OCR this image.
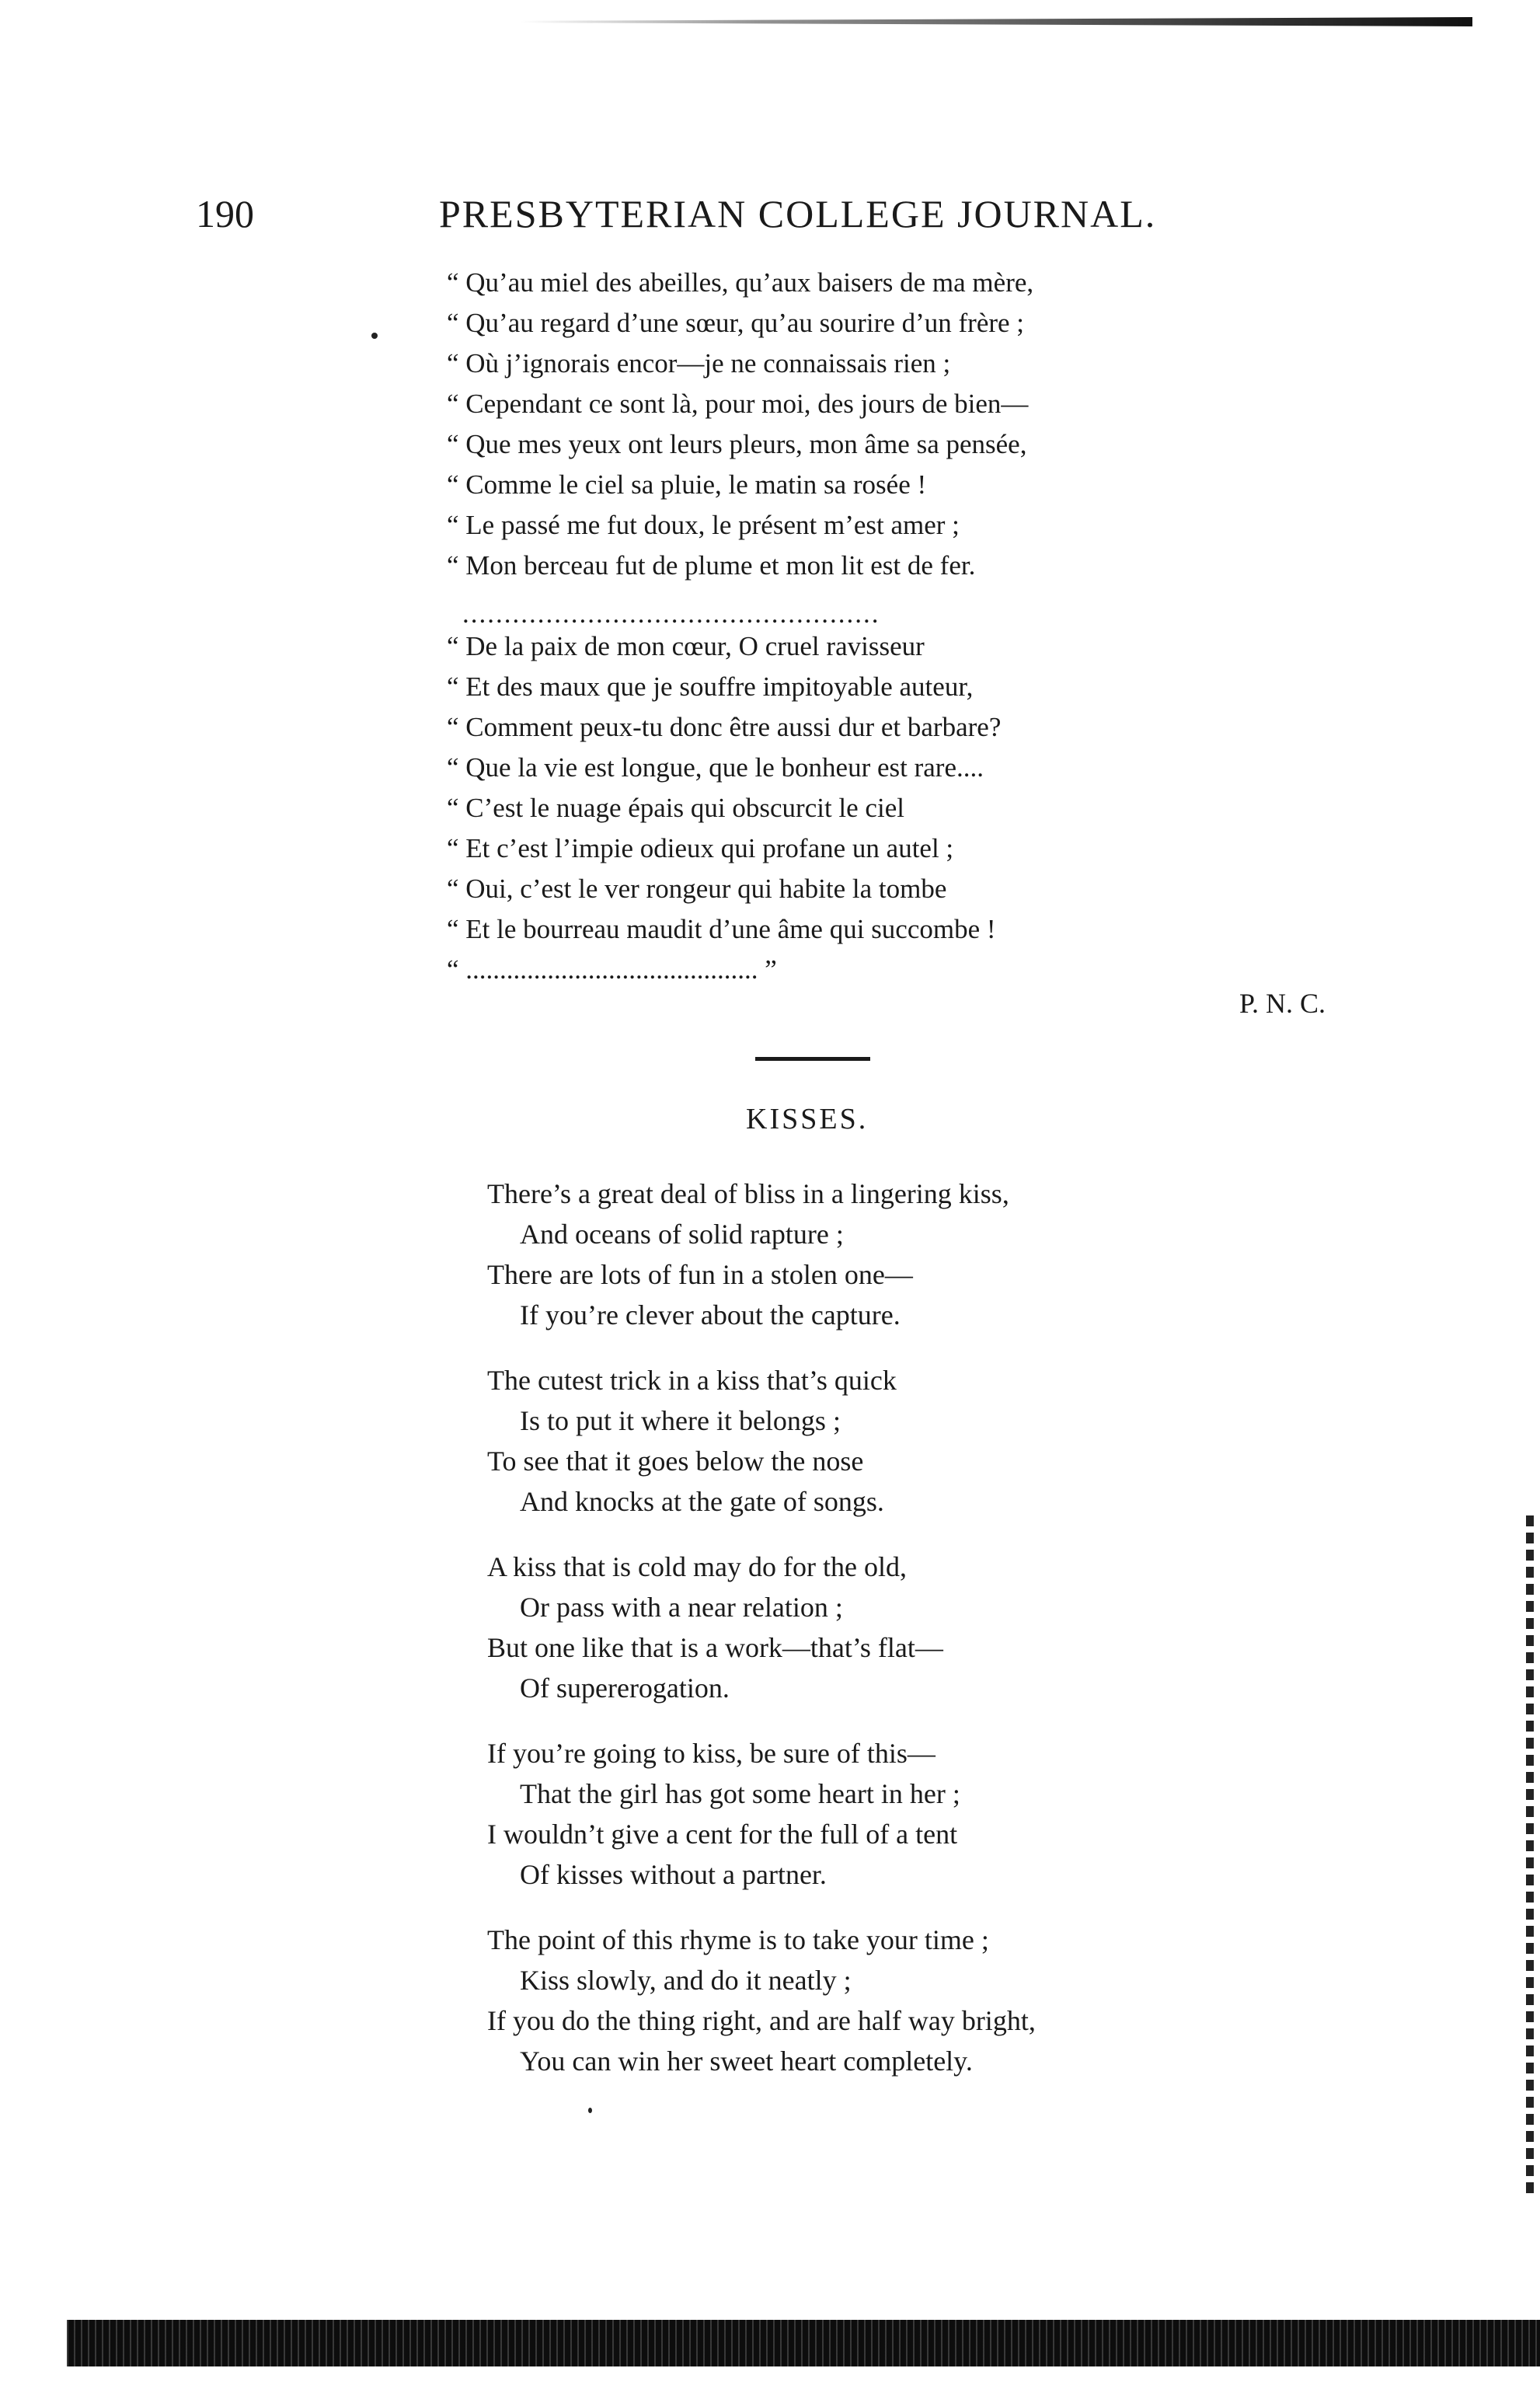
190	PRESBYTERIAN COLLEGE JOURNAL.
“ Qu’au miel des abeilles, qu’aux baisers de ma mère,
“ Qu’au regard d’une sœur, qu’au sourire d’un frère ;
“ Où j’ignorais encor—je ne connaissais rien ;
“ Cependant ce sont là, pour moi, des jours de bien—
“ Que mes yeux ont leurs pleurs, mon âme sa pensée,
“ Comme le ciel sa pluie, le matin sa rosée !
“ Le passé me fut doux, le présent m’est amer ;
“ Mon berceau fut de plume et mon lit est de fer.
..................................................
“ De la paix de mon cœur, O cruel ravisseur
“ Et des maux que je souffre impitoyable auteur,
“ Comment peux-tu donc être aussi dur et barbare?
“ Que la vie est longue, que le bonheur est rare....
“ C’est le nuage épais qui obscurcit le ciel
“ Et c’est l’impie odieux qui profane un autel ;
“ Oui, c’est le ver rongeur qui habite la tombe
“ Et le bourreau maudit d’une âme qui succombe !
“ ........................................... ”

P. N. C.

KISSES.
There’s a great deal of bliss in a lingering kiss,
And oceans of solid rapture ;
There are lots of fun in a stolen one—
If you’re clever about the capture.
The cutest trick in a kiss that’s quick
Is to put it where it belongs ;
To see that it goes below the nose
And knocks at the gate of songs.
A kiss that is cold may do for the old,
Or pass with a near relation ;
But one like that is a work—that’s flat—
Of supererogation.
If you’re going to kiss, be sure of this—
That the girl has got some heart in her ;
I wouldn’t give a cent for the full of a tent
Of kisses without a partner.
The point of this rhyme is to take your time ;
Kiss slowly, and do it neatly ;
If you do the thing right, and are half way bright,
You can win her sweet heart completely.
